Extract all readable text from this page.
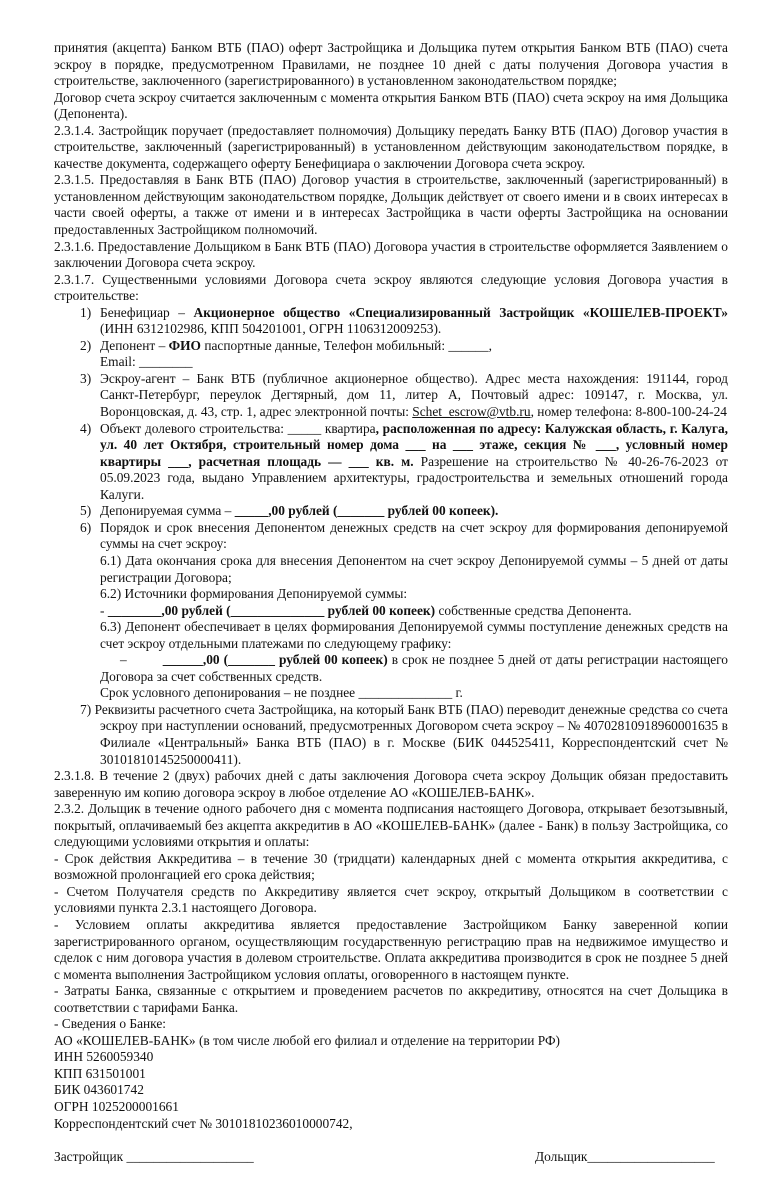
принятия (акцепта) Банком ВТБ (ПАО) оферт Застройщика и Дольщика путем открытия Банком ВТБ (ПАО) счета эскроу в порядке, предусмотренном Правилами, не позднее 10 дней с даты получения Договора участия в строительстве, заключенного (зарегистрированного) в установленном законодательством порядке;

Договор счета эскроу считается заключенным с момента открытия Банком ВТБ (ПАО) счета эскроу на имя Дольщика (Депонента).

2.3.1.4. Застройщик поручает (предоставляет полномочия) Дольщику передать Банку ВТБ (ПАО) Договор участия в строительстве, заключенный (зарегистрированный) в установленном действующим законодательством порядке, в качестве документа, содержащего оферту Бенефициара о заключении Договора счета эскроу.

2.3.1.5. Предоставляя в Банк ВТБ (ПАО) Договор участия в строительстве, заключенный (зарегистрированный) в установленном действующим законодательством порядке, Дольщик действует от своего имени и в своих интересах в части своей оферты, а также от имени и в интересах Застройщика в части оферты Застройщика на основании предоставленных Застройщиком полномочий.

2.3.1.6. Предоставление Дольщиком в Банк ВТБ (ПАО) Договора участия в строительстве оформляется Заявлением о заключении Договора счета эскроу.

2.3.1.7. Существенными условиями Договора счета эскроу являются следующие условия Договора участия в строительстве:

1) Бенефициар – Акционерное общество «Специализированный Застройщик «КОШЕЛЕВ-ПРОЕКТ» (ИНН 6312102986, КПП 504201001, ОГРН 1106312009253).

2) Депонент – ФИО паспортные данные, Телефон мобильный: ______,
Email: ________

3) Эскроу-агент – Банк ВТБ (публичное акционерное общество). Адрес места нахождения: 191144, город Санкт-Петербург, переулок Дегтярный, дом 11, литер А, Почтовый адрес: 109147, г. Москва, ул. Воронцовская, д. 43, стр. 1, адрес электронной почты: Schet_escrow@vtb.ru, номер телефона: 8-800-100-24-24

4) Объект долевого строительства: _____ квартира, расположенная по адресу: Калужская область, г. Калуга, ул. 40 лет Октября, строительный номер дома ___ на ___ этаже, секция № ___, условный номер квартиры ___, расчетная площадь — ___ кв. м. Разрешение на строительство № 40-26-76-2023 от 05.09.2023 года, выдано Управлением архитектуры, градостроительства и земельных отношений города Калуги.

5) Депонируемая сумма – _____,00 рублей (_______ рублей 00 копеек).

6) Порядок и срок внесения Депонентом денежных средств на счет эскроу для формирования депонируемой суммы на счет эскроу:

6.1) Дата окончания срока для внесения Депонентом на счет эскроу Депонируемой суммы – 5 дней от даты регистрации Договора;

6.2) Источники формирования Депонируемой суммы:

- ________,00 рублей (______________ рублей 00 копеек) собственные средства Депонента.

6.3) Депонент обеспечивает в целях формирования Депонируемой суммы поступление денежных средств на счет эскроу отдельными платежами по следующему графику:

–	______,00 (_______ рублей 00 копеек) в срок не позднее 5 дней от даты регистрации настоящего Договора за счет собственных средств.

Срок условного депонирования – не позднее ______________ г.

7) Реквизиты расчетного счета Застройщика, на который Банк ВТБ (ПАО) переводит денежные средства со счета эскроу при наступлении оснований, предусмотренных Договором счета эскроу – № 40702810918960001635 в Филиале «Центральный» Банка ВТБ (ПАО) в г. Москве (БИК 044525411, Корреспондентский счет № 30101810145250000411).

2.3.1.8. В течение 2 (двух) рабочих дней с даты заключения Договора счета эскроу Дольщик обязан предоставить заверенную им копию договора эскроу в любое отделение АО «КОШЕЛЕВ-БАНК».

2.3.2. Дольщик в течение одного рабочего дня с момента подписания настоящего Договора, открывает безотзывный, покрытый, оплачиваемый без акцепта аккредитив в АО «КОШЕЛЕВ-БАНК» (далее - Банк) в пользу Застройщика, со следующими условиями открытия и оплаты:

- Срок действия Аккредитива – в течение 30 (тридцати) календарных дней с момента открытия аккредитива, с возможной пролонгацией его срока действия;

- Счетом Получателя средств по Аккредитиву является счет эскроу, открытый Дольщиком в соответствии с условиями пункта 2.3.1 настоящего Договора.

- Условием оплаты аккредитива является предоставление Застройщиком Банку заверенной копии зарегистрированного органом, осуществляющим государственную регистрацию прав на недвижимое имущество и сделок с ним договора участия в долевом строительстве. Оплата аккредитива производится в срок не позднее 5 дней с момента выполнения Застройщиком условия оплаты, оговоренного в настоящем пункте.

- Затраты Банка, связанные с открытием и проведением расчетов по аккредитиву, относятся на счет Дольщика в соответствии с тарифами Банка.

- Сведения о Банке:

АО «КОШЕЛЕВ-БАНК» (в том числе любой его филиал и отделение на территории РФ)

ИНН 5260059340

КПП 631501001

БИК 043601742

ОГРН 1025200001661

Корреспондентский счет № 30101810236010000742,

Застройщик ___________________	Дольщик___________________
